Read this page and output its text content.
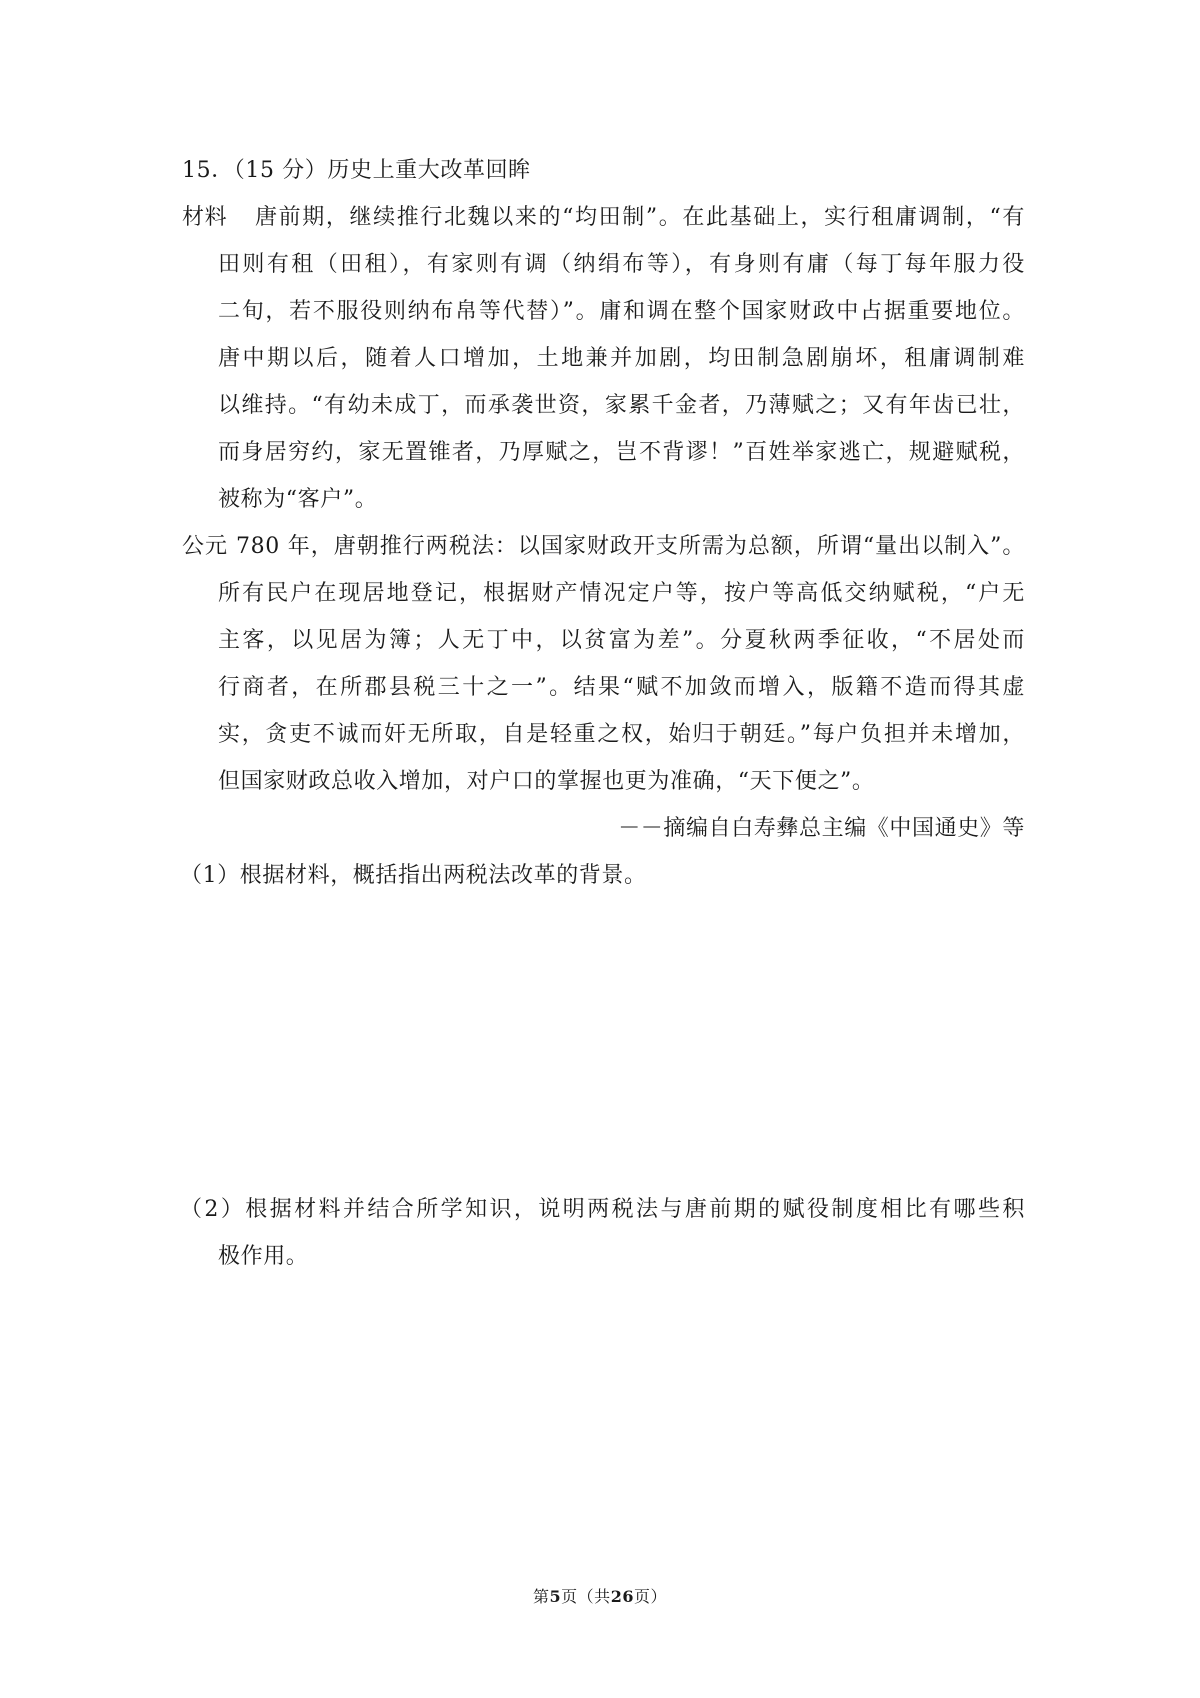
15．（15 分）历史上重大改革回眸
材料 唐前期，继续推行北魏以来的“均田制”。在此基础上，实行租庸调制，“有
田则有租（田租），有家则有调（纳绢布等），有身则有庸（每丁每年服力役
二旬，若不服役则纳布帛等代替）”。庸和调在整个国家财政中占据重要地位。
唐中期以后，随着人口增加，土地兼并加剧，均田制急剧崩坏，租庸调制难
以维持。“有幼未成丁，而承袭世资，家累千金者，乃薄赋之；又有年齿已壮，
而身居穷约，家无置锥者，乃厚赋之，岂不背谬！”百姓举家逃亡，规避赋税，
被称为“客户”。
公元 780 年，唐朝推行两税法：以国家财政开支所需为总额，所谓“量出以制入”。
所有民户在现居地登记，根据财产情况定户等，按户等高低交纳赋税，“户无
主客，以见居为簿；人无丁中，以贫富为差”。分夏秋两季征收，“不居处而
行商者，在所郡县税三十之一”。结果“赋不加敛而增入，版籍不造而得其虚
实，贪吏不诚而奸无所取，自是轻重之权，始归于朝廷。”每户负担并未增加，
但国家财政总收入增加，对户口的掌握也更为准确，“天下便之”。
－－摘编自白寿彝总主编《中国通史》等
（1）根据材料，概括指出两税法改革的背景。
（2）根据材料并结合所学知识，说明两税法与唐前期的赋役制度相比有哪些积
极作用。
第5页（共26页）
